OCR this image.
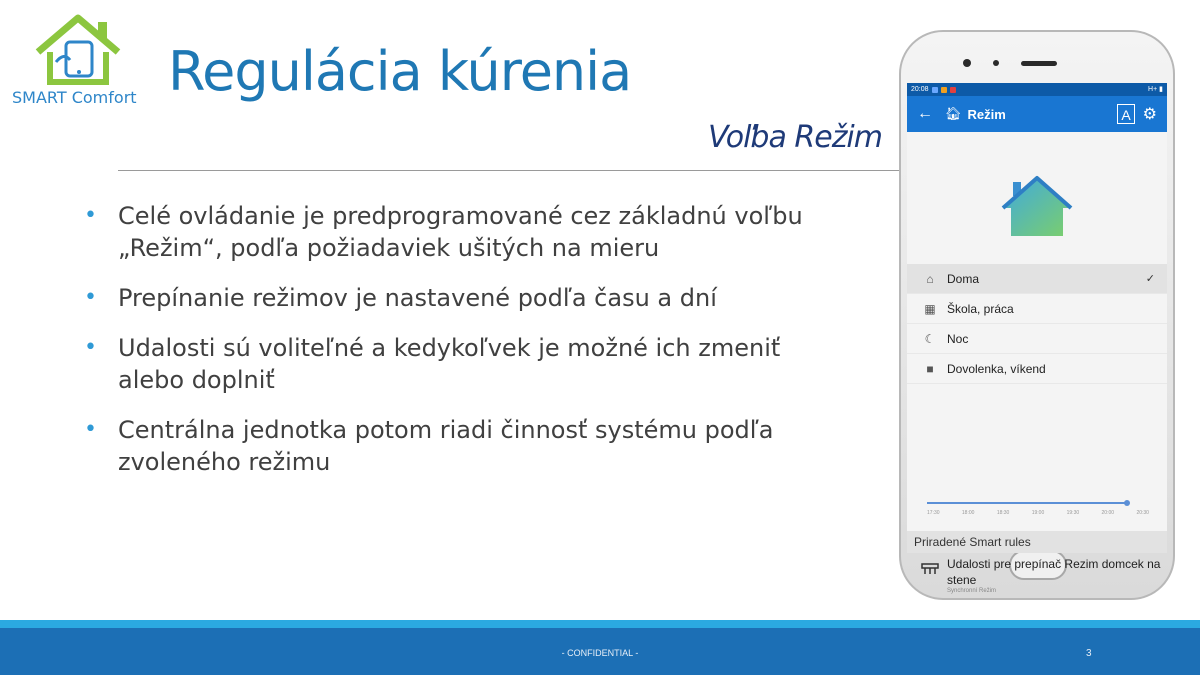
SMART Comfort Regulácia kúrenia
Voľba Režim
• Celé ovládanie je predprogramované cez základnú voľbu „Režim“, podľa požiadaviek ušitých na mieru
• Prepínanie režimov je nastavené podľa času a dní
• Udalosti sú voliteľné a kedykoľvek je možné ich zmeniť alebo doplniť
• Centrálna jednotka potom riadi činnosť systému podľa zvoleného režimu
20:08	H+ ▮
← 🏠︎ Režim	A ⚙
⌂	Doma	✓
▦ Škola, práca
☾ Noc
■	Dovolenka, víkend
17:30	18:00	18:30	19:00	19:30	20:00	20:30
Priradené Smart rules
Udalosti pre prepínač Rezim domcek na stene
Synchronní Režim
- CONFIDENTIAL -	3
